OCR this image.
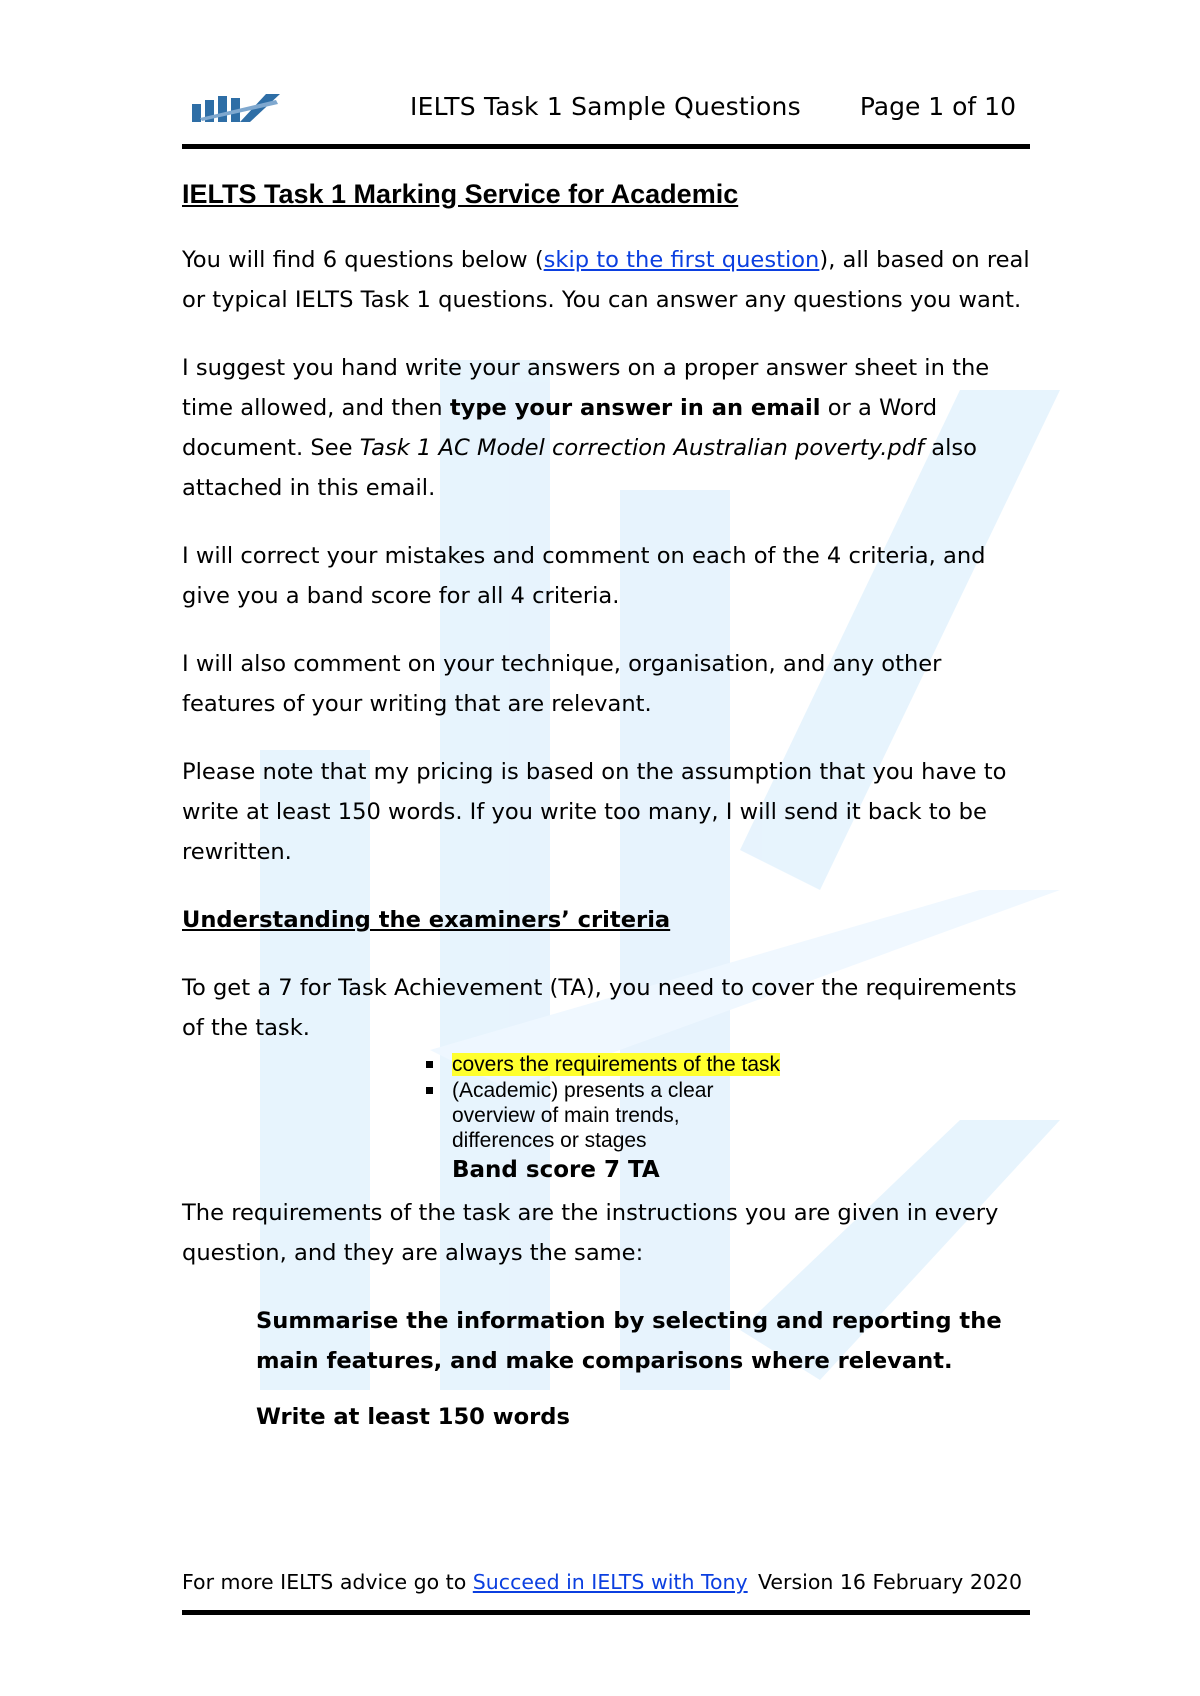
IELTS Task 1 Sample Questions Page 1 of 10
IELTS Task 1 Marking Service for Academic

You will find 6 questions below (skip to the first question), all based on real or typical IELTS Task 1 questions. You can answer any questions you want.

I suggest you hand write your answers on a proper answer sheet in the time allowed, and then type your answer in an email or a Word document. See Task 1 AC Model correction Australian poverty.pdf also attached in this email.

I will correct your mistakes and comment on each of the 4 criteria, and give you a band score for all 4 criteria.

I will also comment on your technique, organisation, and any other features of your writing that are relevant.

Please note that my pricing is based on the assumption that you have to write at least 150 words. If you write too many, I will send it back to be rewritten.

Understanding the examiners’ criteria

To get a 7 for Task Achievement (TA), you need to cover the requirements of the task.

covers the requirements of the task
(Academic) presents a clear overview of main trends, differences or stages
Band score 7 TA

The requirements of the task are the instructions you are given in every question, and they are always the same:

Summarise the information by selecting and reporting the main features, and make comparisons where relevant.

Write at least 150 words

For more IELTS advice go to Succeed in IELTS with Tony Version 16 February 2020
